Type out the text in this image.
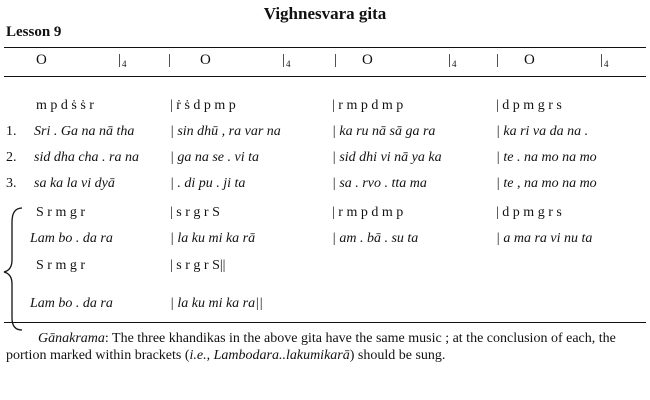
Vighnesvara gita
Lesson 9
O	$|_4$	| O	$|_4$	| O	$|_4$	| O	$|_4$
m p d ṡ ṡ r	| ṙ ṡ d p m p	| r m p d m p	| d p m g r s
1. Sri . Ga na nā tha	| sin dhū , ra var na	| ka ru nā sā ga ra	| ka ri va da na .
2. sid dha cha . ra na | ga na se . vi ta	| sid dhi vi nā ya ka	| te . na mo na mo
3. sa ka la vi dyā	| . di pu . ji ta	| sa . rvo . tta ma	| te , na mo na mo
S r m g r	| s r g r S	| r m p d m p	| d p m g r s
Lam bo . da ra	| la ku mi ka rā	| am . bā . su ta	| a ma ra vi nu ta
S r m g r	| s r g r S||
Lam bo . da ra	| la ku mi ka ra||
Gānakrama: The three khandikas in the above gita have the same music ; at the conclusion of each, the portion marked within brackets (i.e., Lambodara..lakumikarā) should be sung.
